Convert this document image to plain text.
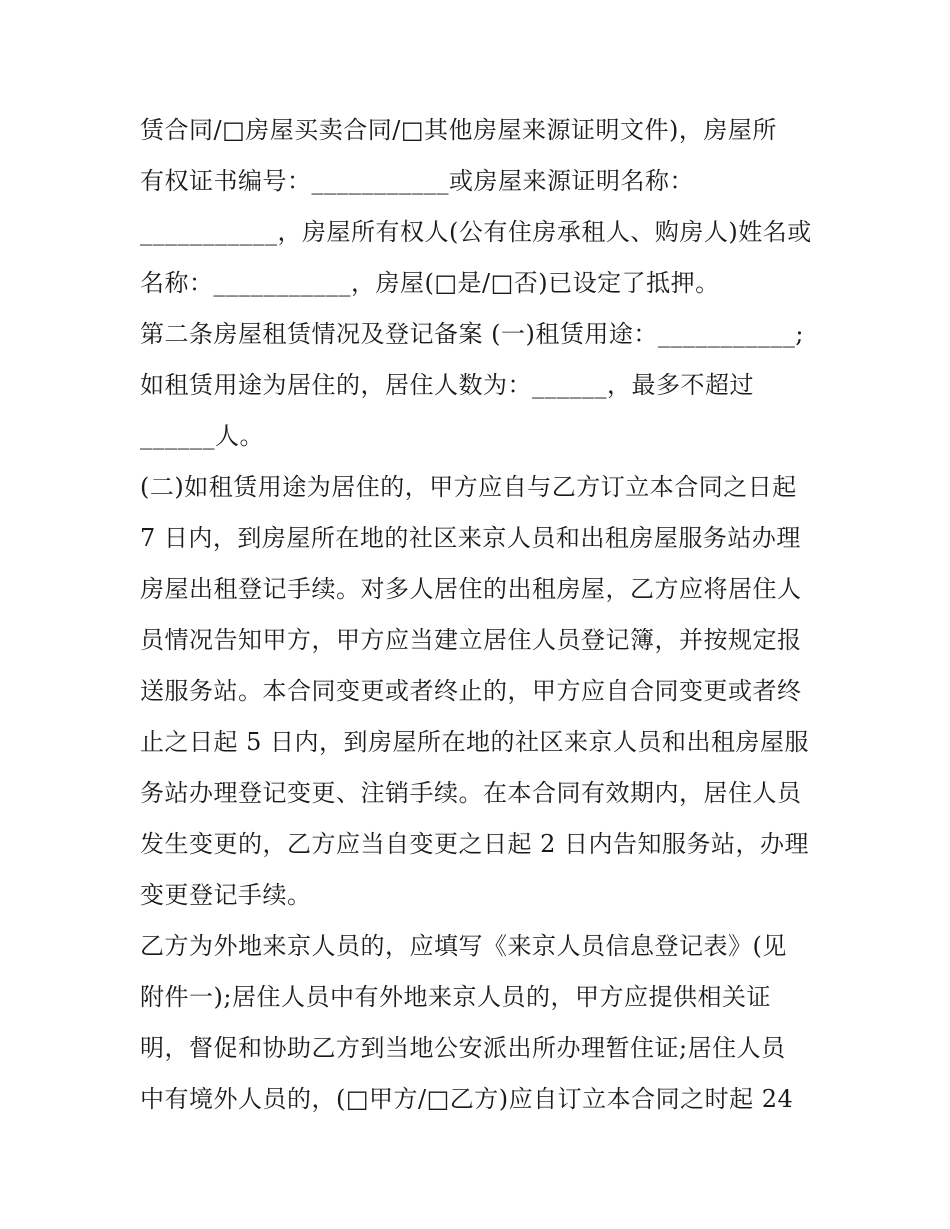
赁合同/□房屋买卖合同/□其他房屋来源证明文件)，房屋所
有权证书编号：___________或房屋来源证明名称：
___________，房屋所有权人(公有住房承租人、购房人)姓名或
名称：___________，房屋(□是/□否)已设定了抵押。
第二条房屋租赁情况及登记备案 (一)租赁用途：___________;
如租赁用途为居住的，居住人数为：______，最多不超过
______人。
(二)如租赁用途为居住的，甲方应自与乙方订立本合同之日起
7 日内，到房屋所在地的社区来京人员和出租房屋服务站办理
房屋出租登记手续。对多人居住的出租房屋，乙方应将居住人
员情况告知甲方，甲方应当建立居住人员登记簿，并按规定报
送服务站。本合同变更或者终止的，甲方应自合同变更或者终
止之日起 5 日内，到房屋所在地的社区来京人员和出租房屋服
务站办理登记变更、注销手续。在本合同有效期内，居住人员
发生变更的，乙方应当自变更之日起 2 日内告知服务站，办理
变更登记手续。
乙方为外地来京人员的，应填写《来京人员信息登记表》(见
附件一);居住人员中有外地来京人员的，甲方应提供相关证
明，督促和协助乙方到当地公安派出所办理暂住证;居住人员
中有境外人员的，(□甲方/□乙方)应自订立本合同之时起 24
